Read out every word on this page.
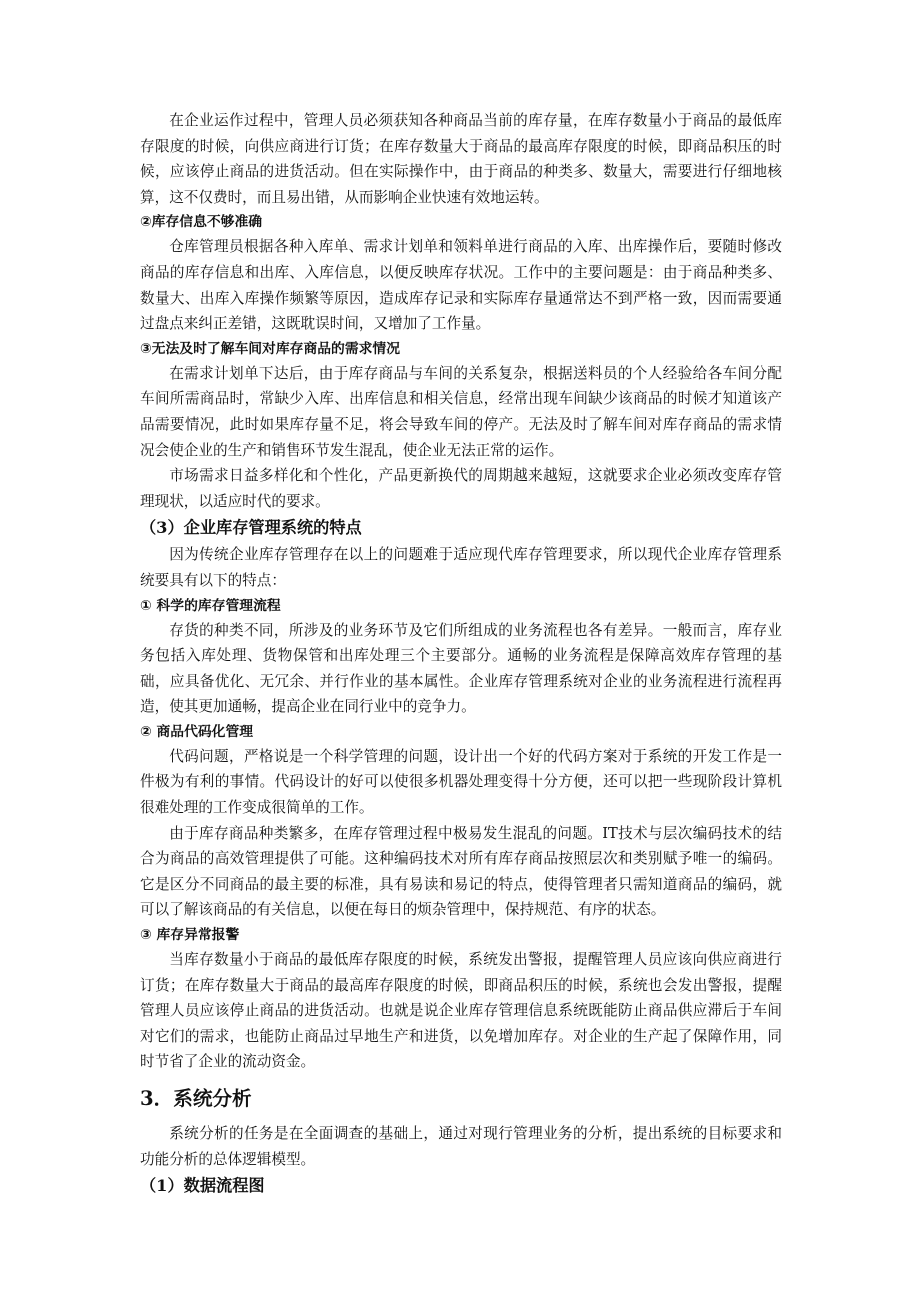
在企业运作过程中，管理人员必须获知各种商品当前的库存量，在库存数量小于商品的最低库存限度的时候，向供应商进行订货；在库存数量大于商品的最高库存限度的时候，即商品积压的时候，应该停止商品的进货活动。但在实际操作中，由于商品的种类多、数量大，需要进行仔细地核算，这不仅费时，而且易出错，从而影响企业快速有效地运转。

②库存信息不够准确

仓库管理员根据各种入库单、需求计划单和领料单进行商品的入库、出库操作后，要随时修改商品的库存信息和出库、入库信息，以便反映库存状况。工作中的主要问题是：由于商品种类多、数量大、出库入库操作频繁等原因，造成库存记录和实际库存量通常达不到严格一致，因而需要通过盘点来纠正差错，这既耽误时间，又增加了工作量。

③无法及时了解车间对库存商品的需求情况

在需求计划单下达后，由于库存商品与车间的关系复杂，根据送料员的个人经验给各车间分配车间所需商品时，常缺少入库、出库信息和相关信息，经常出现车间缺少该商品的时候才知道该产品需要情况，此时如果库存量不足，将会导致车间的停产。无法及时了解车间对库存商品的需求情况会使企业的生产和销售环节发生混乱，使企业无法正常的运作。

市场需求日益多样化和个性化，产品更新换代的周期越来越短，这就要求企业必须改变库存管理现状，以适应时代的要求。

（3）企业库存管理系统的特点

因为传统企业库存管理存在以上的问题难于适应现代库存管理要求，所以现代企业库存管理系统要具有以下的特点：

① 科学的库存管理流程

存货的种类不同，所涉及的业务环节及它们所组成的业务流程也各有差异。一般而言，库存业务包括入库处理、货物保管和出库处理三个主要部分。通畅的业务流程是保障高效库存管理的基础，应具备优化、无冗余、并行作业的基本属性。企业库存管理系统对企业的业务流程进行流程再造，使其更加通畅，提高企业在同行业中的竞争力。

② 商品代码化管理

代码问题，严格说是一个科学管理的问题，设计出一个好的代码方案对于系统的开发工作是一件极为有利的事情。代码设计的好可以使很多机器处理变得十分方便，还可以把一些现阶段计算机很难处理的工作变成很简单的工作。

由于库存商品种类繁多，在库存管理过程中极易发生混乱的问题。IT技术与层次编码技术的结合为商品的高效管理提供了可能。这种编码技术对所有库存商品按照层次和类别赋予唯一的编码。它是区分不同商品的最主要的标准，具有易读和易记的特点，使得管理者只需知道商品的编码，就可以了解该商品的有关信息，以便在每日的烦杂管理中，保持规范、有序的状态。

③ 库存异常报警

当库存数量小于商品的最低库存限度的时候，系统发出警报，提醒管理人员应该向供应商进行订货；在库存数量大于商品的最高库存限度的时候，即商品积压的时候，系统也会发出警报，提醒管理人员应该停止商品的进货活动。也就是说企业库存管理信息系统既能防止商品供应滞后于车间对它们的需求，也能防止商品过早地生产和进货，以免增加库存。对企业的生产起了保障作用，同时节省了企业的流动资金。

3．系统分析

系统分析的任务是在全面调查的基础上，通过对现行管理业务的分析，提出系统的目标要求和功能分析的总体逻辑模型。

（1）数据流程图
